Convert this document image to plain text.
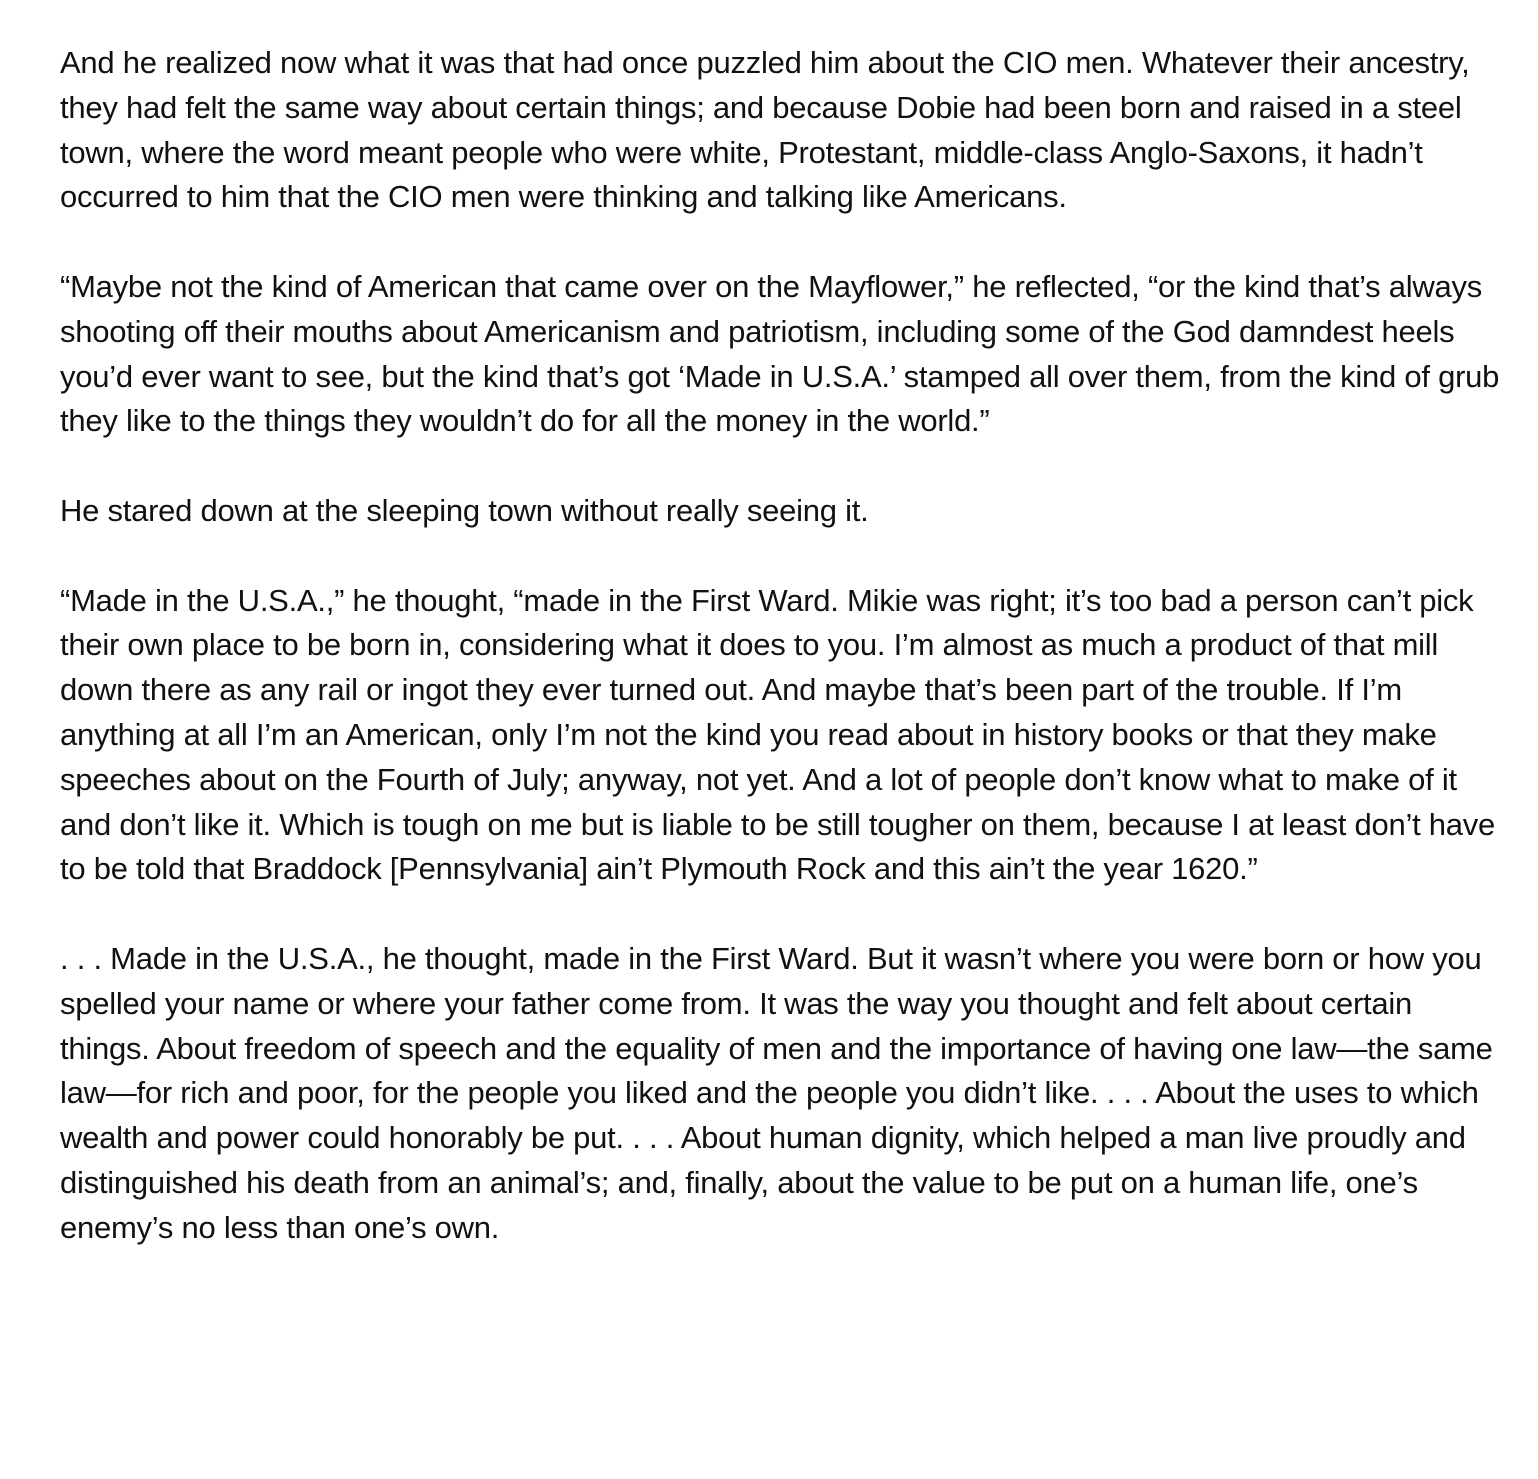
And he realized now what it was that had once puzzled him about the CIO men. Whatever their ancestry, they had felt the same way about certain things; and because Dobie had been born and raised in a steel town, where the word meant people who were white, Protestant, middle-class Anglo-Saxons, it hadn’t occurred to him that the CIO men were thinking and talking like Americans.

“Maybe not the kind of American that came over on the Mayflower,” he reflected, “or the kind that’s always shooting off their mouths about Americanism and patriotism, including some of the God damndest heels you’d ever want to see, but the kind that’s got ‘Made in U.S.A.’ stamped all over them, from the kind of grub they like to the things they wouldn’t do for all the money in the world.”

He stared down at the sleeping town without really seeing it.

“Made in the U.S.A.,” he thought, “made in the First Ward. Mikie was right; it’s too bad a person can’t pick their own place to be born in, considering what it does to you. I’m almost as much a product of that mill down there as any rail or ingot they ever turned out. And maybe that’s been part of the trouble. If I’m anything at all I’m an American, only I’m not the kind you read about in history books or that they make speeches about on the Fourth of July; anyway, not yet. And a lot of people don’t know what to make of it and don’t like it. Which is tough on me but is liable to be still tougher on them, because I at least don’t have to be told that Braddock [Pennsylvania] ain’t Plymouth Rock and this ain’t the year 1620.”

. . . Made in the U.S.A., he thought, made in the First Ward. But it wasn’t where you were born or how you spelled your name or where your father come from. It was the way you thought and felt about certain things. About freedom of speech and the equality of men and the importance of having one law—the same law—for rich and poor, for the people you liked and the people you didn’t like. . . . About the uses to which wealth and power could honorably be put. . . . About human dignity, which helped a man live proudly and distinguished his death from an animal’s; and, finally, about the value to be put on a human life, one’s enemy’s no less than one’s own.
